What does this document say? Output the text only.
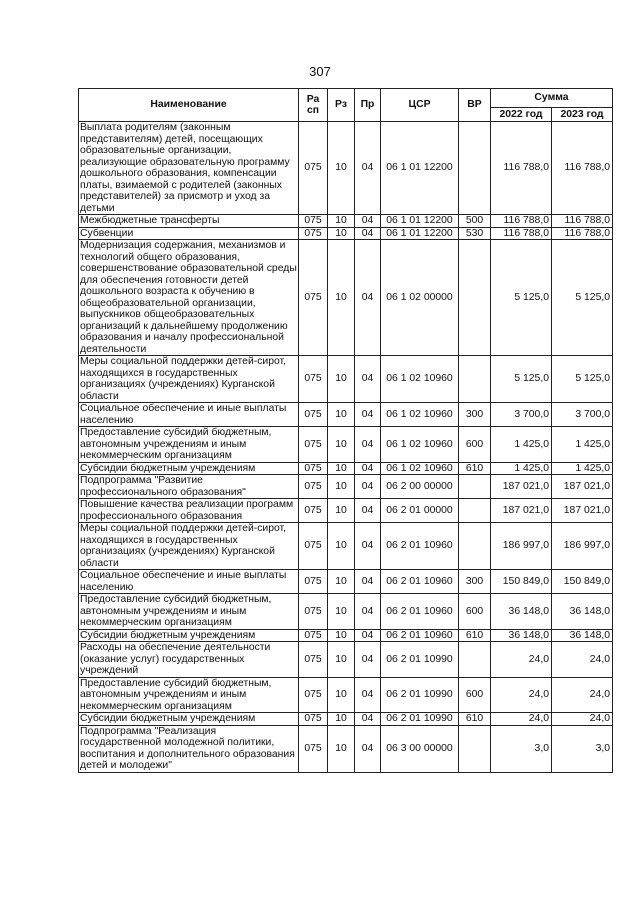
307
Наименование	Ра сп	Рз	Пр	ЦСР	ВР	Сумма	
						2022 год	2023 год
Выплата родителям (законным представителям) детей, посещающих образовательные организации, реализующие образовательную программу дошкольного образования, компенсации платы, взимаемой с родителей (законных представителей) за присмотр и уход за детьми	075	10	04	06 1 01 12200		116 788,0	116 788,0
Межбюджетные трансферты	075	10	04	06 1 01 12200	500	116 788,0	116 788,0
Субвенции	075	10	04	06 1 01 12200	530	116 788,0	116 788,0
Модернизация содержания, механизмов и технологий общего образования, совершенствование образовательной среды для обеспечения готовности детей дошкольного возраста к обучению в общеобразовательной организации, выпускников общеобразовательных организаций к дальнейшему продолжению образования и началу профессиональной деятельности	075	10	04	06 1 02 00000		5 125,0	5 125,0
Меры социальной поддержки детей-сирот, находящихся в государственных организациях (учреждениях) Курганской области	075	10	04	06 1 02 10960		5 125,0	5 125,0
Социальное обеспечение и иные выплаты населению	075	10	04	06 1 02 10960	300	3 700,0	3 700,0
Предоставление субсидий бюджетным, автономным учреждениям и иным некоммерческим организациям	075	10	04	06 1 02 10960	600	1 425,0	1 425,0
Субсидии бюджетным учреждениям	075	10	04	06 1 02 10960	610	1 425,0	1 425,0
Подпрограмма "Развитие профессионального образования"	075	10	04	06 2 00 00000		187 021,0	187 021,0
Повышение качества реализации программ профессионального образования	075	10	04	06 2 01 00000		187 021,0	187 021,0
Меры социальной поддержки детей-сирот, находящихся в государственных организациях (учреждениях) Курганской области	075	10	04	06 2 01 10960		186 997,0	186 997,0
Социальное обеспечение и иные выплаты населению	075	10	04	06 2 01 10960	300	150 849,0	150 849,0
Предоставление субсидий бюджетным, автономным учреждениям и иным некоммерческим организациям	075	10	04	06 2 01 10960	600	36 148,0	36 148,0
Субсидии бюджетным учреждениям	075	10	04	06 2 01 10960	610	36 148,0	36 148,0
Расходы на обеспечение деятельности (оказание услуг) государственных учреждений	075	10	04	06 2 01 10990		24,0	24,0
Предоставление субсидий бюджетным, автономным учреждениям и иным некоммерческим организациям	075	10	04	06 2 01 10990	600	24,0	24,0
Субсидии бюджетным учреждениям	075	10	04	06 2 01 10990	610	24,0	24,0
Подпрограмма "Реализация государственной молодежной политики, воспитания и дополнительного образования детей и молодежи"	075	10	04	06 3 00 00000		3,0	3,0
